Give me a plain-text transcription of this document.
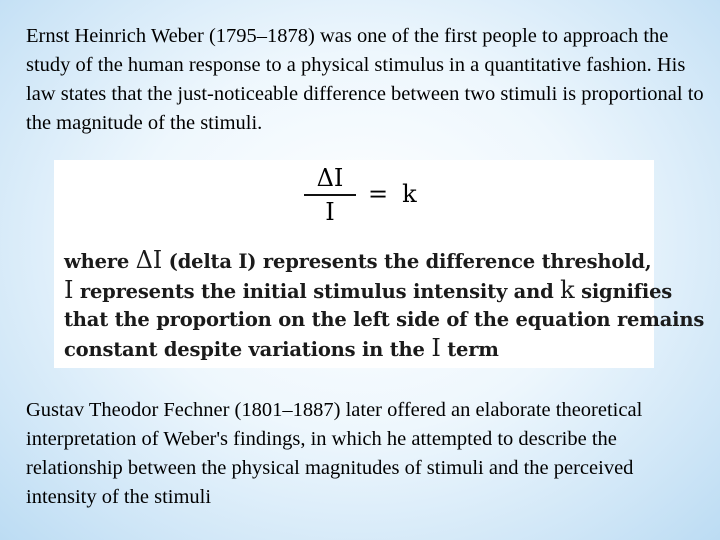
Ernst Heinrich Weber (1795–1878) was one of the first people to approach the study of the human response to a physical stimulus in a quantitative fashion. His law states that the just-noticeable difference between two stimuli is proportional to the magnitude of the stimuli.

ΔI
I
= k
where ΔI (delta I) represents the difference threshold,
I represents the initial stimulus intensity and k signifies
that the proportion on the left side of the equation remains
constant despite variations in the I term

Gustav Theodor Fechner (1801–1887) later offered an elaborate theoretical interpretation of Weber's findings, in which he attempted to describe the relationship between the physical magnitudes of stimuli and the perceived intensity of the stimuli
